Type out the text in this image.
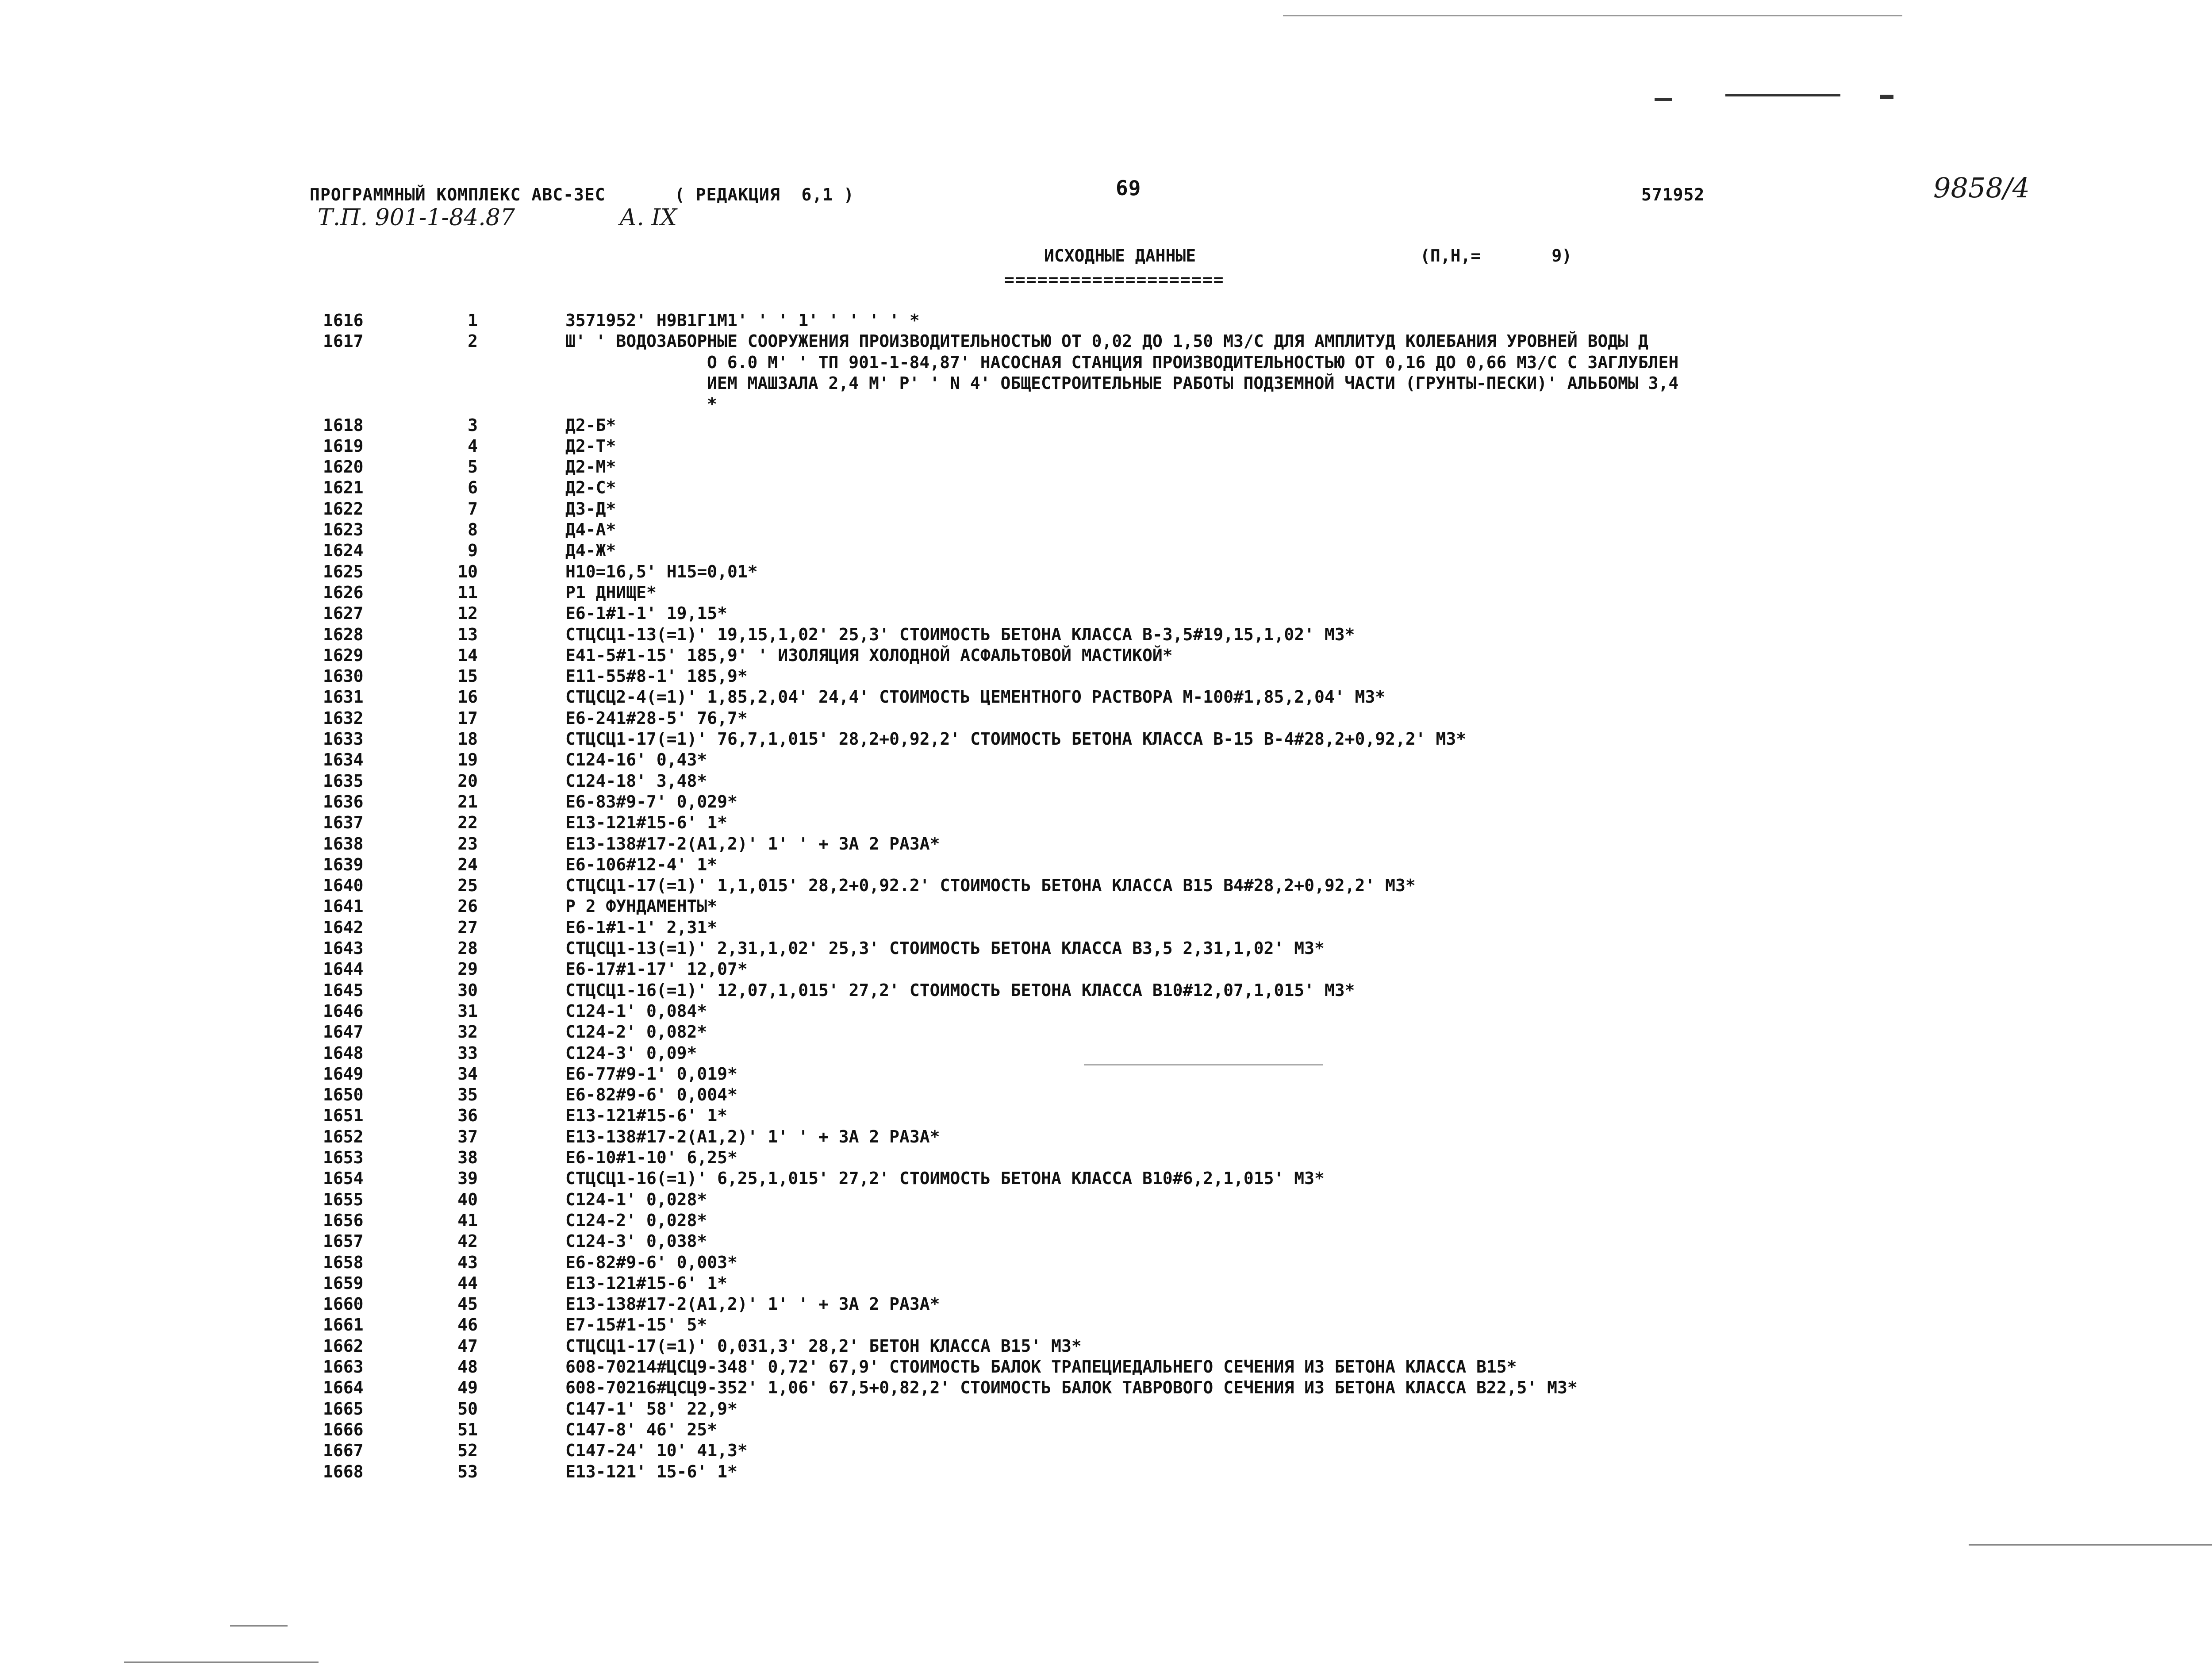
ПРОГРАММНЫЙ КОМПЛЕКС АВС-3ЕС	( РЕДАКЦИЯ  6,1 )	69	571952	9858/4
Т.П. 901-1-84.87	А. IX
ИСХОДНЫЕ ДАННЫЕ
====================
(П,Н,=       9)
1616	1	3571952' Н9В1Г1М1' ' ' 1' ' ' ' ' *
1617	2	Ш' ' ВОДОЗАБОРНЫЕ СООРУЖЕНИЯ ПРОИЗВОДИТЕЛЬНОСТЬЮ ОТ 0,02 ДО 1,50 М3/С ДЛЯ АМПЛИТУД КОЛЕБАНИЯ УРОВНЕЙ ВОДЫ Д
О 6.0 М' ' ТП 901-1-84,87' НАСОСНАЯ СТАНЦИЯ ПРОИЗВОДИТЕЛЬНОСТЬЮ ОТ 0,16 ДО 0,66 М3/С С ЗАГЛУБЛЕН
ИЕМ МАШЗАЛА 2,4 М' Р' ' N 4' ОБЩЕСТРОИТЕЛЬНЫЕ РАБОТЫ ПОДЗЕМНОЙ ЧАСТИ (ГРУНТЫ-ПЕСКИ)' АЛЬБОМЫ 3,4
*
1618	3	Д2-Б*
1619	4	Д2-Т*
1620	5	Д2-М*
1621	6	Д2-С*
1622	7	Д3-Д*
1623	8	Д4-А*
1624	9	Д4-Ж*
1625	10	Н10=16,5' Н15=0,01*
1626	11	Р1 ДНИЩЕ*
1627	12	Е6-1#1-1' 19,15*
1628	13	СТЦСЦ1-13(=1)' 19,15,1,02' 25,3' СТОИМОСТЬ БЕТОНА КЛАССА В-3,5#19,15,1,02' М3*
1629	14	Е41-5#1-15' 185,9' ' ИЗОЛЯЦИЯ ХОЛОДНОЙ АСФАЛЬТОВОЙ МАСТИКОЙ*
1630	15	Е11-55#8-1' 185,9*
1631	16	СТЦСЦ2-4(=1)' 1,85,2,04' 24,4' СТОИМОСТЬ ЦЕМЕНТНОГО РАСТВОРА М-100#1,85,2,04' М3*
1632	17	Е6-241#28-5' 76,7*
1633	18	СТЦСЦ1-17(=1)' 76,7,1,015' 28,2+0,92,2' СТОИМОСТЬ БЕТОНА КЛАССА В-15 В-4#28,2+0,92,2' М3*
1634	19	С124-16' 0,43*
1635	20	С124-18' 3,48*
1636	21	Е6-83#9-7' 0,029*
1637	22	Е13-121#15-6' 1*
1638	23	Е13-138#17-2(А1,2)' 1' ' + ЗА 2 РАЗА*
1639	24	Е6-106#12-4' 1*
1640	25	СТЦСЦ1-17(=1)' 1,1,015' 28,2+0,92.2' СТОИМОСТЬ БЕТОНА КЛАССА В15 В4#28,2+0,92,2' М3*
1641	26	Р 2 ФУНДАМЕНТЫ*
1642	27	Е6-1#1-1' 2,31*
1643	28	СТЦСЦ1-13(=1)' 2,31,1,02' 25,3' СТОИМОСТЬ БЕТОНА КЛАССА В3,5 2,31,1,02' М3*
1644	29	Е6-17#1-17' 12,07*
1645	30	СТЦСЦ1-16(=1)' 12,07,1,015' 27,2' СТОИМОСТЬ БЕТОНА КЛАССА В10#12,07,1,015' М3*
1646	31	С124-1' 0,084*
1647	32	С124-2' 0,082*
1648	33	С124-3' 0,09*
1649	34	Е6-77#9-1' 0,019*
1650	35	Е6-82#9-6' 0,004*
1651	36	Е13-121#15-6' 1*
1652	37	Е13-138#17-2(А1,2)' 1' ' + ЗА 2 РАЗА*
1653	38	Е6-10#1-10' 6,25*
1654	39	СТЦСЦ1-16(=1)' 6,25,1,015' 27,2' СТОИМОСТЬ БЕТОНА КЛАССА В10#6,2,1,015' М3*
1655	40	С124-1' 0,028*
1656	41	С124-2' 0,028*
1657	42	С124-3' 0,038*
1658	43	Е6-82#9-6' 0,003*
1659	44	Е13-121#15-6' 1*
1660	45	Е13-138#17-2(А1,2)' 1' ' + ЗА 2 РАЗА*
1661	46	Е7-15#1-15' 5*
1662	47	СТЦСЦ1-17(=1)' 0,031,3' 28,2' БЕТОН КЛАССА В15' М3*
1663	48	608-70214#ЦСЦ9-348' 0,72' 67,9' СТОИМОСТЬ БАЛОК ТРАПЕЦИЕДАЛЬНЕГО СЕЧЕНИЯ ИЗ БЕТОНА КЛАССА В15*
1664	49	608-70216#ЦСЦ9-352' 1,06' 67,5+0,82,2' СТОИМОСТЬ БАЛОК ТАВРОВОГО СЕЧЕНИЯ ИЗ БЕТОНА КЛАССА В22,5' М3*
1665	50	С147-1' 58' 22,9*
1666	51	С147-8' 46' 25*
1667	52	С147-24' 10' 41,3*
1668	53	Е13-121' 15-6' 1*
